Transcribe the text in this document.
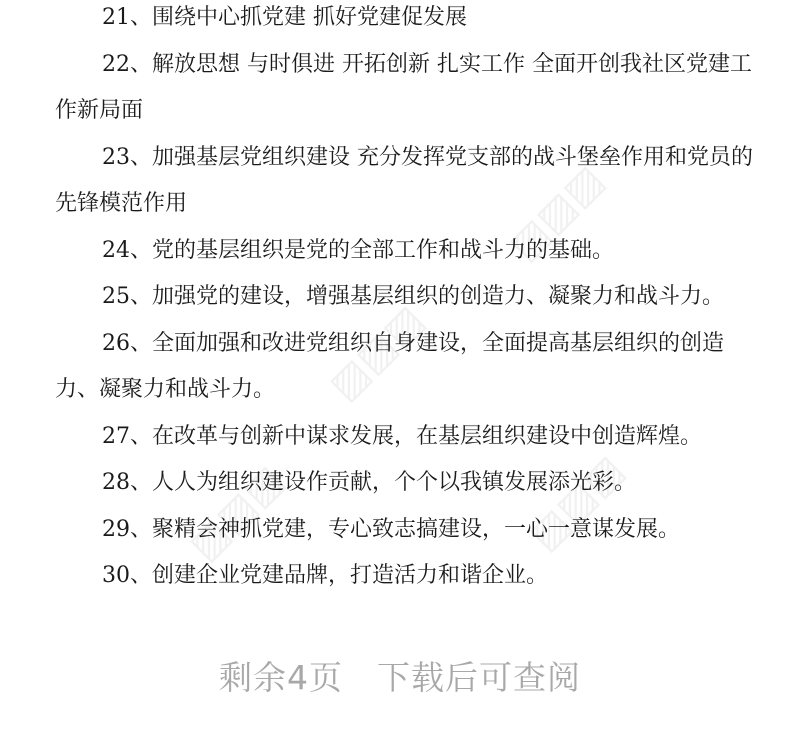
▨▨▨
▨▨▨
▨▨▨	▨▨▨

21、围绕中心抓党建 抓好党建促发展

22、解放思想 与时俱进 开拓创新 扎实工作 全面开创我社区党建工作新局面

23、加强基层党组织建设 充分发挥党支部的战斗堡垒作用和党员的先锋模范作用

24、党的基层组织是党的全部工作和战斗力的基础。

25、加强党的建设，增强基层组织的创造力、凝聚力和战斗力。

26、全面加强和改进党组织自身建设，全面提高基层组织的创造力、凝聚力和战斗力。

27、在改革与创新中谋求发展，在基层组织建设中创造辉煌。

28、人人为组织建设作贡献，个个以我镇发展添光彩。

29、聚精会神抓党建，专心致志搞建设，一心一意谋发展。

30、创建企业党建品牌，打造活力和谐企业。

剩余4页　下载后可查阅
